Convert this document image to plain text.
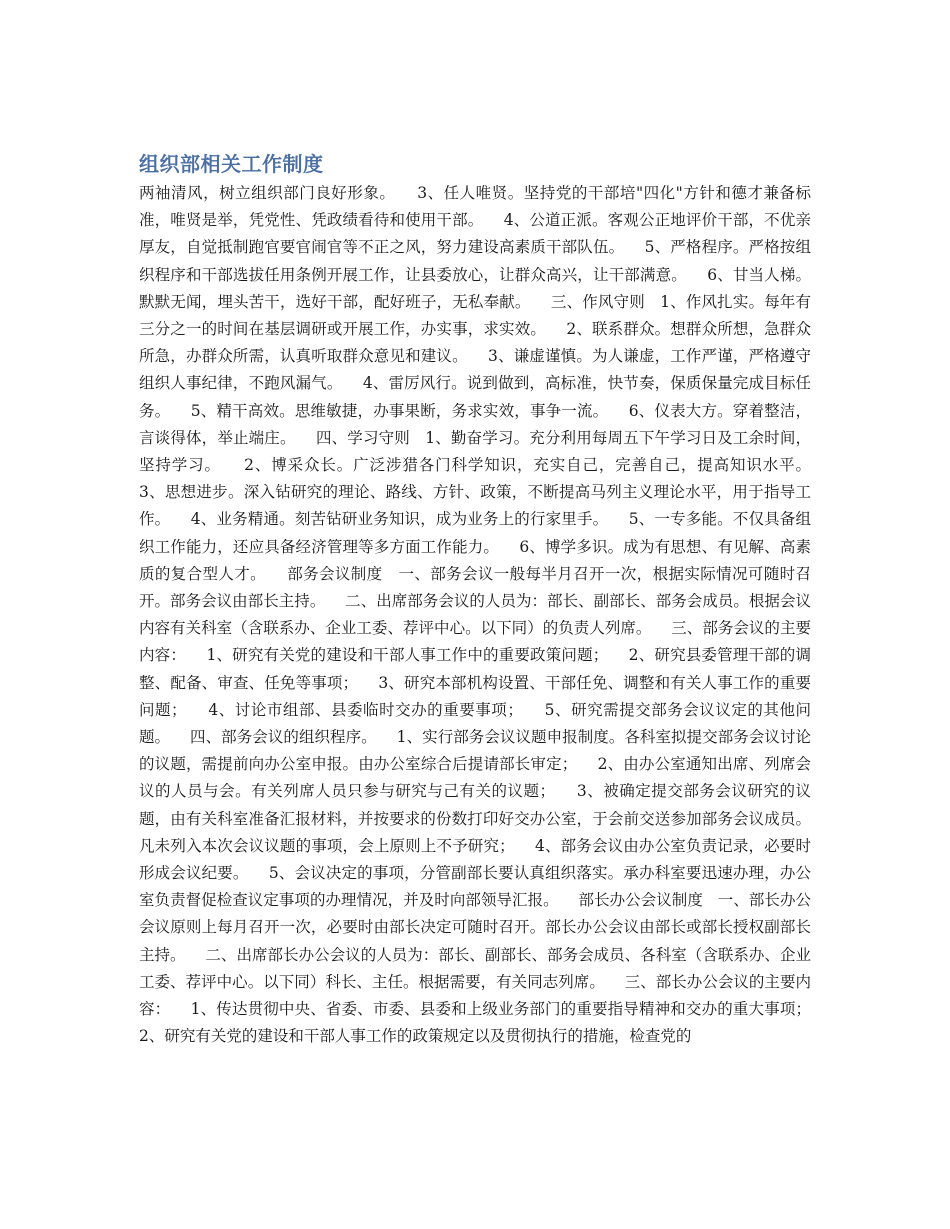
组织部相关工作制度

两袖清风，树立组织部门良好形象。    3、任人唯贤。坚持党的干部培"四化"方针和德才兼备标准，唯贤是举，凭党性、凭政绩看待和使用干部。    4、公道正派。客观公正地评价干部，不优亲厚友，自觉抵制跑官要官闹官等不正之风，努力建设高素质干部队伍。    5、严格程序。严格按组织程序和干部选拔任用条例开展工作，让县委放心，让群众高兴，让干部满意。    6、甘当人梯。默默无闻，埋头苦干，选好干部，配好班子，无私奉献。    三、作风守则   1、作风扎实。每年有三分之一的时间在基层调研或开展工作，办实事，求实效。    2、联系群众。想群众所想，急群众所急，办群众所需，认真听取群众意见和建议。    3、谦虚谨慎。为人谦虚，工作严谨，严格遵守组织人事纪律，不跑风漏气。    4、雷厉风行。说到做到，高标准，快节奏，保质保量完成目标任务。    5、精干高效。思维敏捷，办事果断，务求实效，事争一流。    6、仪表大方。穿着整洁，言谈得体，举止端庄。    四、学习守则   1、勤奋学习。充分利用每周五下午学习日及工余时间，坚持学习。    2、博采众长。广泛涉猎各门科学知识，充实自己，完善自己，提高知识水平。    3、思想进步。深入钻研究的理论、路线、方针、政策，不断提高马列主义理论水平，用于指导工作。    4、业务精通。刻苦钻研业务知识，成为业务上的行家里手。    5、一专多能。不仅具备组织工作能力，还应具备经济管理等多方面工作能力。    6、博学多识。成为有思想、有见解、高素质的复合型人才。    部务会议制度   一、部务会议一般每半月召开一次，根据实际情况可随时召开。部务会议由部长主持。    二、出席部务会议的人员为：部长、副部长、部务会成员。根据会议内容有关科室（含联系办、企业工委、荐评中心。以下同）的负责人列席。    三、部务会议的主要内容：    1、研究有关党的建设和干部人事工作中的重要政策问题；    2、研究县委管理干部的调整、配备、审查、任免等事项；    3、研究本部机构设置、干部任免、调整和有关人事工作的重要问题；    4、讨论市组部、县委临时交办的重要事项；    5、研究需提交部务会议议定的其他问题。    四、部务会议的组织程序。    1、实行部务会议议题申报制度。各科室拟提交部务会议讨论的议题，需提前向办公室申报。由办公室综合后提请部长审定；    2、由办公室通知出席、列席会议的人员与会。有关列席人员只参与研究与己有关的议题；    3、被确定提交部务会议研究的议题，由有关科室准备汇报材料，并按要求的份数打印好交办公室，于会前交送参加部务会议成员。凡未列入本次会议议题的事项，会上原则上不予研究；    4、部务会议由办公室负责记录，必要时形成会议纪要。    5、会议决定的事项，分管副部长要认真组织落实。承办科室要迅速办理，办公室负责督促检查议定事项的办理情况，并及时向部领导汇报。    部长办公会议制度   一、部长办公会议原则上每月召开一次，必要时由部长决定可随时召开。部长办公会议由部长或部长授权副部长主持。    二、出席部长办公会议的人员为：部长、副部长、部务会成员、各科室（含联系办、企业工委、荐评中心。以下同）科长、主任。根据需要，有关同志列席。    三、部长办公会议的主要内容：    1、传达贯彻中央、省委、市委、县委和上级业务部门的重要指导精神和交办的重大事项；    2、研究有关党的建设和干部人事工作的政策规定以及贯彻执行的措施，检查党的
